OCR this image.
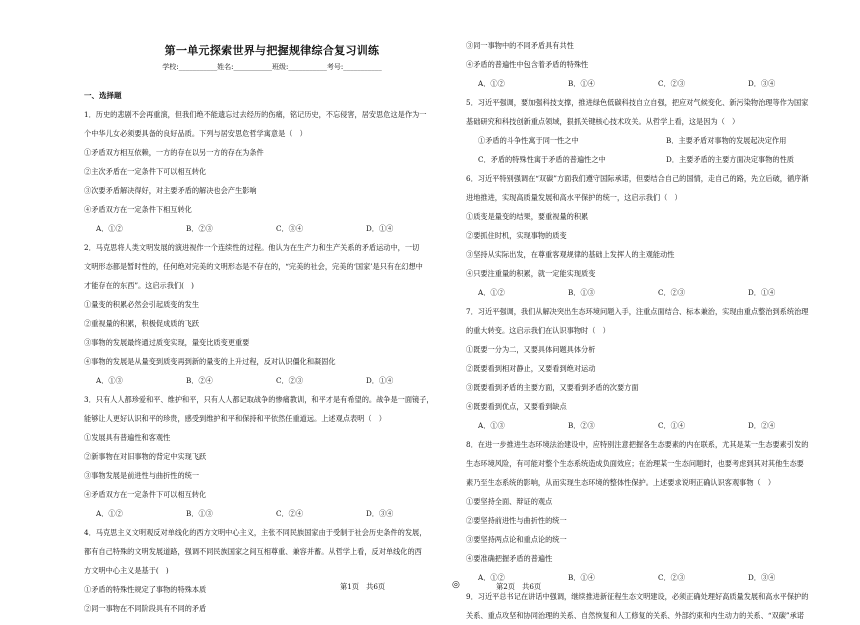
第一单元探索世界与把握规律综合复习训练
学校:___________姓名:___________班级:___________考号:___________
一、选择题
1．历史的悲剧不会再重演，但我们绝不能遗忘过去经历的伤痛，铭记历史，不忘侵害，居安思危这是作为一
个中华儿女必须要具备的良好品质。下列与居安思危哲学寓意是（　）
①矛盾双方相互依赖，一方的存在以另一方的存在为条件
②主次矛盾在一定条件下可以相互转化
③次要矛盾解决得好，对主要矛盾的解决也会产生影响
④矛盾双方在一定条件下相互转化
A．①②	B．②③	C．③④	D．①④
2．马克思将人类文明发展的演进视作一个连续性的过程。他认为在生产力和生产关系的矛盾运动中，一切
文明形态都是暂时性的，任何绝对完美的文明形态是不存在的，“完美的社会，完美的‘国家’是只有在幻想中
才能存在的东西”。这启示我们(　)
①量变的积累必然会引起质变的发生
②重视量的积累，积极促成质的飞跃
③事物的发展最终通过质变实现，量变比质变更重要
④事物的发展是从量变到质变再到新的量变的上升过程，反对认识僵化和凝固化
A．①③	B．②④	C．②③	D．①④
3．只有人人都珍爱和平、维护和平，只有人人都记取战争的惨痛教训，和平才是有希望的。战争是一面镜子，
能够让人更好认识和平的珍贵，感受到维护和平和保持和平依然任重道远。上述观点表明（　）
①发展具有普遍性和客观性
②新事物在对旧事物的背定中实现飞跃
③事物发展是前进性与曲折性的统一
④矛盾双方在一定条件下可以相互转化
A．①②	B．①③	C．②④	D．③④
4．马克思主义文明观反对单线化的西方文明中心主义，主张不同民族国家由于受制于社会历史条件的发展，
都有自己特殊的文明发展道路，强调不同民族国家之间互相尊重、兼容并蓄。从哲学上看，反对单线化的西
方文明中心主义是基于(　)
①矛盾的特殊性规定了事物的特殊本质
②同一事物在不同阶段具有不同的矛盾
③同一事物中的不同矛盾具有共性
④矛盾的普遍性中包含着矛盾的特殊性
A．①②	B．①④	C．②③	D．③④
5．习近平强调，要加强科技支撑，推进绿色低碳科技自立自强，把应对气候变化、新污染物治理等作为国家
基础研究和科技创新重点领域，狠抓关键核心技术攻关。从哲学上看，这是因为（　）
①矛盾的斗争性寓于同一性之中	B．主要矛盾对事物的发展起决定作用
C．矛盾的特殊性寓于矛盾的普遍性之中	D．主要矛盾的主要方面决定事物的性质
6．习近平特别强调在“双碳”方面我们遵守国际承诺，但要结合自己的国情，走自己的路，先立后破，循序渐
进地推进，实现高质量发展和高水平保护的统一，这启示我们（　）
①质变是量变的结果，要重视量的积累
②要抓住时机，实现事物的质变
③坚持从实际出发，在尊重客观规律的基础上发挥人的主观能动性
④只要注重量的积累，就一定能实现质变
A．①②	B．①③	C．②③	D．①④
7．习近平强调，我们从解决突出生态环境问题入手，注重点面结合、标本兼治，实现由重点整治到系统治理
的重大转变。这启示我们在认识事物时（　）
①既要一分为二，又要具体问题具体分析
②既要看到相对静止，又要看到绝对运动
③既要看到矛盾的主要方面，又要看到矛盾的次要方面
④既要看到优点，又要看到缺点
A．①③	B．②③	C．①④	D．②④
8．在进一步推进生态环境法治建设中，应特别注意把握各生态要素的内在联系，尤其是某一生态要素引发的
生态环境风险，有可能对整个生态系统造成负面效应；在治理某一生态问题时，也要考虑到其对其他生态要
素乃至生态系统的影响，从而实现生态环境的整体性保护。上述要求说明正确认识客观事物（　）
①要坚持全面、辩证的观点
②要坚持前进性与曲折性的统一
③要坚持两点论和重点论的统一
④要准确把握矛盾的普遍性
A．①②	B．①④	C．②③	D．③④
9．习近平总书记在讲话中强调，继续推进新征程生态文明建设，必须正确处理好高质量发展和高水平保护的
关系、重点攻坚和协同治理的关系、自然恢复和人工修复的关系、外部约束和内生动力的关系、“双碳”承诺
第1页　共6页	◎	第2页　共6页
